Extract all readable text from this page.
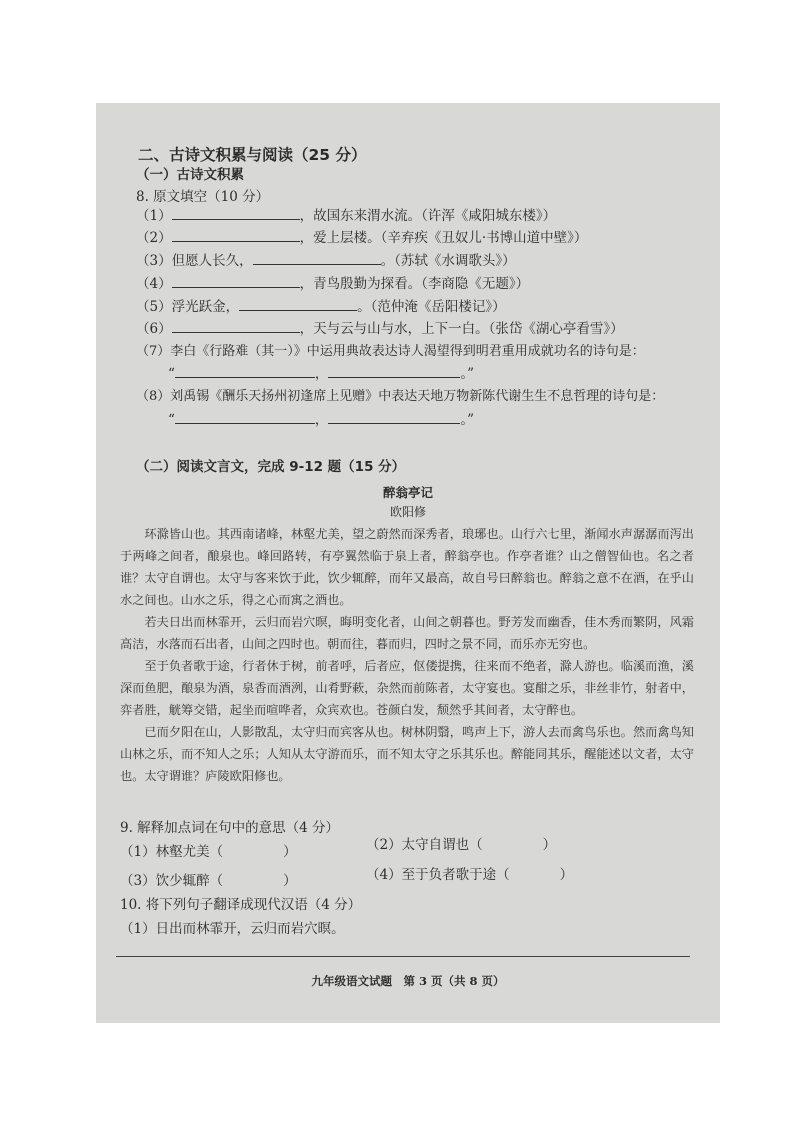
二、古诗文积累与阅读（25 分）
（一）古诗文积累
8. 原文填空（10 分）
（1）	，故国东来渭水流。（许浑《咸阳城东楼》）
（2）	，爱上层楼。（辛弃疾《丑奴儿·书博山道中壁》）
（3）但愿人长久，	。（苏轼《水调歌头》）
（4）	，青鸟殷勤为探看。（李商隐《无题》）
（5）浮光跃金，	。（范仲淹《岳阳楼记》）
（6）	，天与云与山与水，上下一白。（张岱《湖心亭看雪》）
（7）李白《行路难（其一）》中运用典故表达诗人渴望得到明君重用成就功名的诗句是：
“	，	。”
（8）刘禹锡《酬乐天扬州初逢席上见赠》中表达天地万物新陈代谢生生不息哲理的诗句是：
“	，	。”
（二）阅读文言文，完成 9-12 题（15 分）
醉翁亭记
欧阳修

环滁皆山也。其西南诸峰，林壑尤美，望之蔚然而深秀者，琅琊也。山行六七里，渐闻水声潺潺而泻出于两峰之间者，酿泉也。峰回路转，有亭翼然临于泉上者，醉翁亭也。作亭者谁？山之僧智仙也。名之者谁？太守自谓也。太守与客来饮于此，饮少辄醉，而年又最高，故自号曰醉翁也。醉翁之意不在酒，在乎山水之间也。山水之乐，得之心而寓之酒也。

若夫日出而林霏开，云归而岩穴暝，晦明变化者，山间之朝暮也。野芳发而幽香，佳木秀而繁阴，风霜高洁，水落而石出者，山间之四时也。朝而往，暮而归，四时之景不同，而乐亦无穷也。

至于负者歌于途，行者休于树，前者呼，后者应，伛偻提携，往来而不绝者，滁人游也。临溪而渔，溪深而鱼肥，酿泉为酒，泉香而酒洌，山肴野蔌，杂然而前陈者，太守宴也。宴酣之乐，非丝非竹，射者中，弈者胜，觥筹交错，起坐而喧哗者，众宾欢也。苍颜白发，颓然乎其间者，太守醉也。

已而夕阳在山，人影散乱，太守归而宾客从也。树林阴翳，鸣声上下，游人去而禽鸟乐也。然而禽鸟知山林之乐，而不知人之乐；人知从太守游而乐，而不知太守之乐其乐也。醉能同其乐，醒能述以文者，太守也。太守谓谁？庐陵欧阳修也。

9. 解释加点词在句中的意思（4 分）
（1）林壑尤美（	）	（2）太守自谓也（	）
（3）饮少辄醉（	）	（4）至于负者歌于途（	）
10. 将下列句子翻译成现代汉语（4 分）
（1）日出而林霏开，云归而岩穴暝。
九年级语文试题　第 3 页（共 8 页）
